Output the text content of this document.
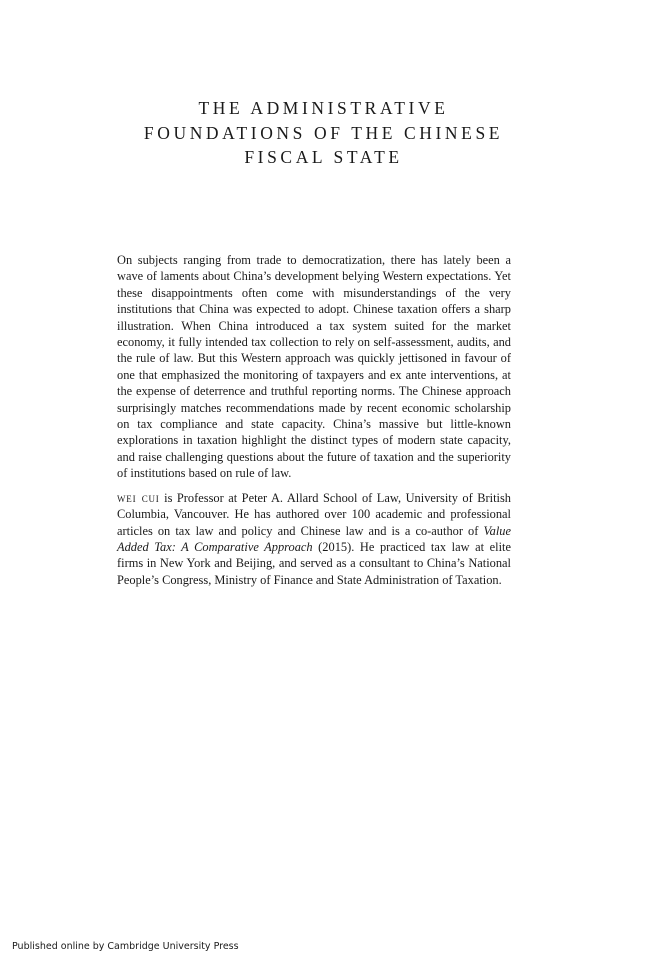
THE ADMINISTRATIVE
FOUNDATIONS OF THE CHINESE
FISCAL STATE

On subjects ranging from trade to democratization, there has lately been a wave of laments about China’s development belying Western expectations. Yet these disappointments often come with misunderstandings of the very institutions that China was expected to adopt. Chinese taxation offers a sharp illustration. When China introduced a tax system suited for the market economy, it fully intended tax collection to rely on self-assessment, audits, and the rule of law. But this Western approach was quickly jettisoned in favour of one that emphasized the monitoring of taxpayers and ex ante interventions, at the expense of deterrence and truthful reporting norms. The Chinese approach surprisingly matches recommendations made by recent economic scholarship on tax compliance and state capacity. China’s massive but little-known explorations in taxation highlight the distinct types of modern state capacity, and raise challenging questions about the future of taxation and the superiority of institutions based on rule of law.

wei cui is Professor at Peter A. Allard School of Law, University of British Columbia, Vancouver. He has authored over 100 academic and professional articles on tax law and policy and Chinese law and is a co-author of Value Added Tax: A Comparative Approach (2015). He practiced tax law at elite firms in New York and Beijing, and served as a consultant to China’s National People’s Congress, Ministry of Finance and State Administration of Taxation.

Published online by Cambridge University Press
